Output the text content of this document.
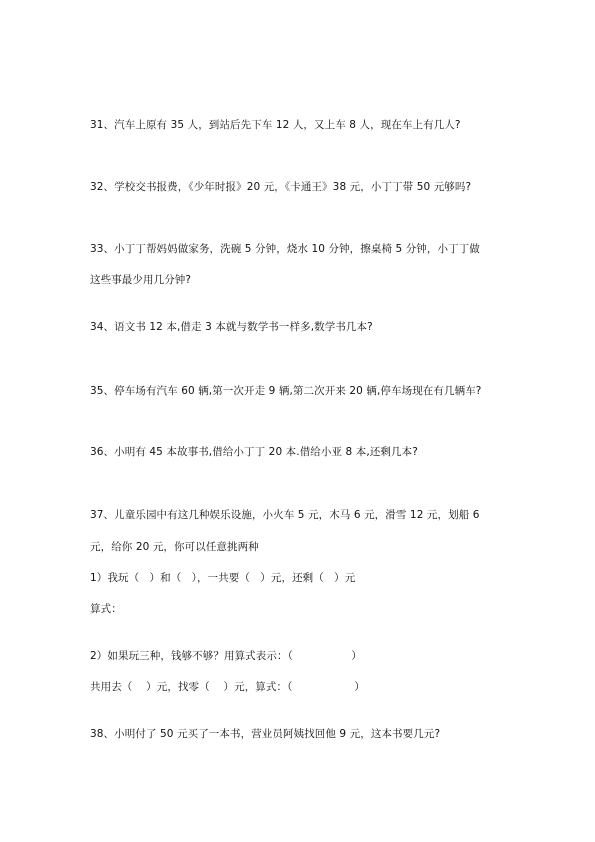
31、汽车上原有 35 人，到站后先下车 12 人，又上车 8 人，现在车上有几人?
32、学校交书报费，《少年时报》20 元，《卡通王》38 元，小丁丁带 50 元够吗?
33、小丁丁帮妈妈做家务，洗碗 5 分钟，烧水 10 分钟，擦桌椅 5 分钟，小丁丁做
这些事最少用几分钟?
34、语文书 12 本,借走 3 本就与数学书一样多,数学书几本?
35、停车场有汽车 60 辆,第一次开走 9 辆,第二次开来 20 辆,停车场现在有几辆车?
36、小明有 45 本故事书,借给小丁丁 20 本.借给小亚 8 本,还剩几本?
37、儿童乐园中有这几种娱乐设施，小火车 5 元，木马 6 元，滑雪 12 元，划船 6
元，给你 20 元，你可以任意挑两种
1）我玩（   ）和（   ），一共要（   ）元，还剩（   ）元
算式：
2）如果玩三种，钱够不够？用算式表示：（                 ）
共用去（    ）元，找零（    ）元，算式：（                  ）
38、小明付了 50 元买了一本书，营业员阿姨找回他 9 元，这本书要几元?
